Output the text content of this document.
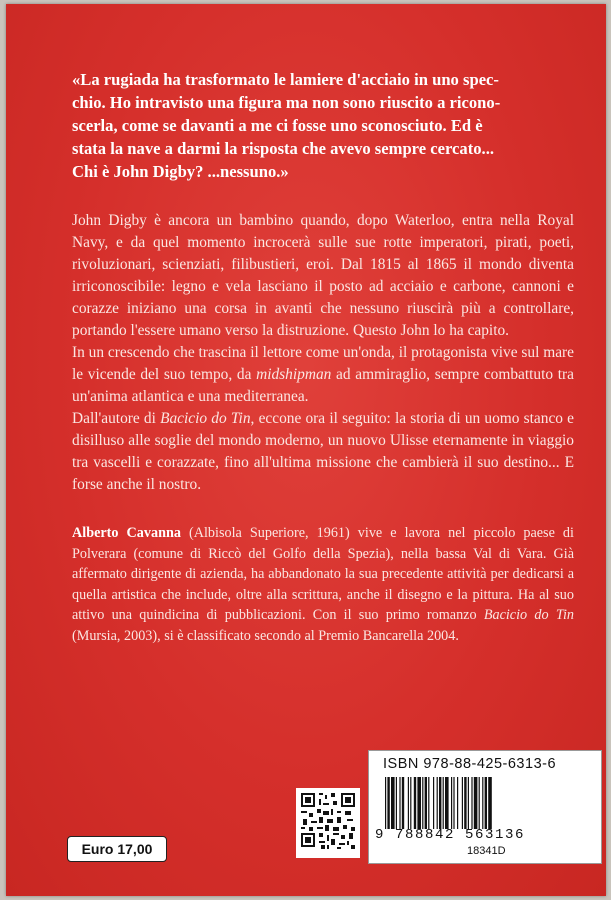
«La rugiada ha trasformato le lamiere d'acciaio in uno spec-

chio. Ho intravisto una figura ma non sono riuscito a ricono-

scerla, come se davanti a me ci fosse uno sconosciuto. Ed è

stata la nave a darmi la risposta che avevo sempre cercato...

Chi è John Digby? ...nessuno.»

John Digby è ancora un bambino quando, dopo Waterloo, entra nella Royal Navy, e da quel momento incrocerà sulle sue rotte imperatori, pirati, poeti, rivoluzionari, scienziati, filibustieri, eroi. Dal 1815 al 1865 il mondo diventa irriconoscibile: legno e vela lasciano il posto ad acciaio e carbone, cannoni e corazze iniziano una corsa in avanti che nessuno riuscirà più a controllare, portando l'essere umano verso la distruzione. Questo John lo ha capito.

In un crescendo che trascina il lettore come un'onda, il protagonista vive sul mare le vicende del suo tempo, da midshipman ad ammiraglio, sempre combattuto tra un'anima atlantica e una mediterranea.

Dall'autore di Bacicio do Tin, eccone ora il seguito: la storia di un uomo stanco e disilluso alle soglie del mondo moderno, un nuovo Ulisse eternamente in viaggio tra vascelli e corazzate, fino all'ultima missione che cambierà il suo destino... E forse anche il nostro.

Alberto Cavanna (Albisola Superiore, 1961) vive e lavora nel piccolo paese di Polverara (comune di Riccò del Golfo della Spezia), nella bassa Val di Vara. Già affermato dirigente di azienda, ha abbandonato la sua precedente attività per dedicarsi a quella artistica che include, oltre alla scrittura, anche il disegno e la pittura. Ha al suo attivo una quindicina di pubblicazioni. Con il suo primo romanzo Bacicio do Tin (Mursia, 2003), si è classificato secondo al Premio Bancarella 2004.

Euro 17,00
ISBN 978-88-425-6313-6
9 788842 563136
18341D
